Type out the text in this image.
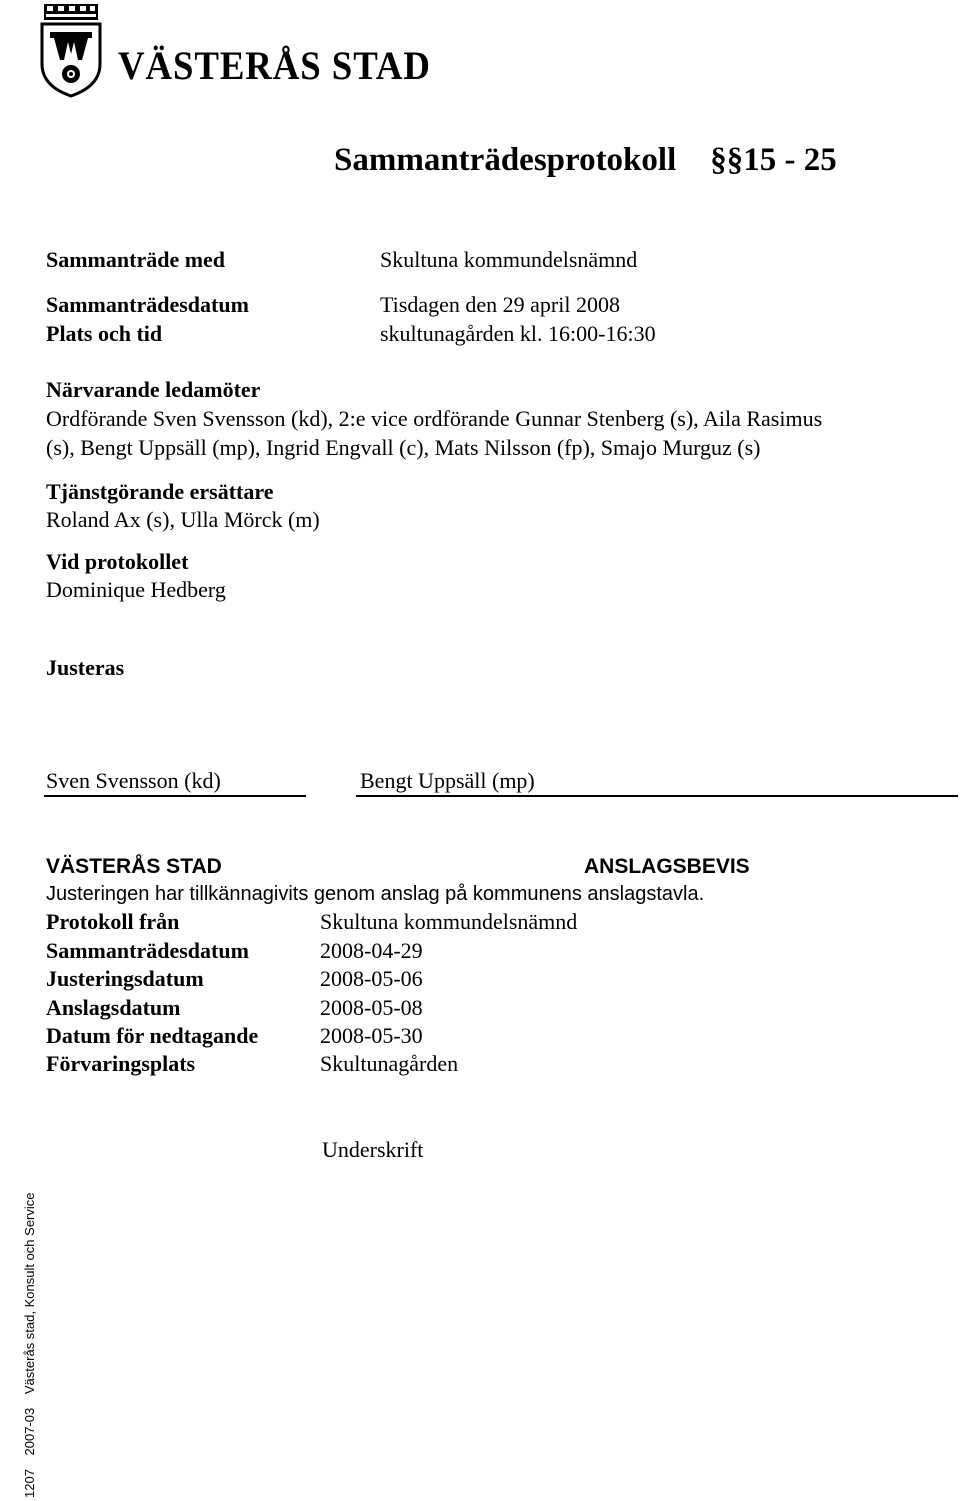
VÄSTERÅS STAD
Sammanträdesprotokoll §§15 - 25
Sammanträde med	Skultuna kommundelsnämnd
Sammanträdesdatum	Tisdagen den 29 april 2008
Plats och tid	skultunagården kl. 16:00-16:30
Närvarande ledamöter
Ordförande Sven Svensson (kd), 2:e vice ordförande Gunnar Stenberg (s), Aila Rasimus
(s), Bengt Uppsäll (mp), Ingrid Engvall (c), Mats Nilsson (fp), Smajo Murguz (s)
Tjänstgörande ersättare
Roland Ax (s), Ulla Mörck (m)
Vid protokollet
Dominique Hedberg
Justeras
Sven Svensson (kd)	Bengt Uppsäll (mp)
VÄSTERÅS STAD	ANSLAGSBEVIS
Justeringen har tillkännagivits genom anslag på kommunens anslagstavla.
Protokoll från	Skultuna kommundelsnämnd
Sammanträdesdatum	2008-04-29
Justeringsdatum	2008-05-06
Anslagsdatum	2008-05-08
Datum för nedtagande	2008-05-30
Förvaringsplats	Skultunagården
Underskrift
1207 2007-03 Västerås stad, Konsult och Service
